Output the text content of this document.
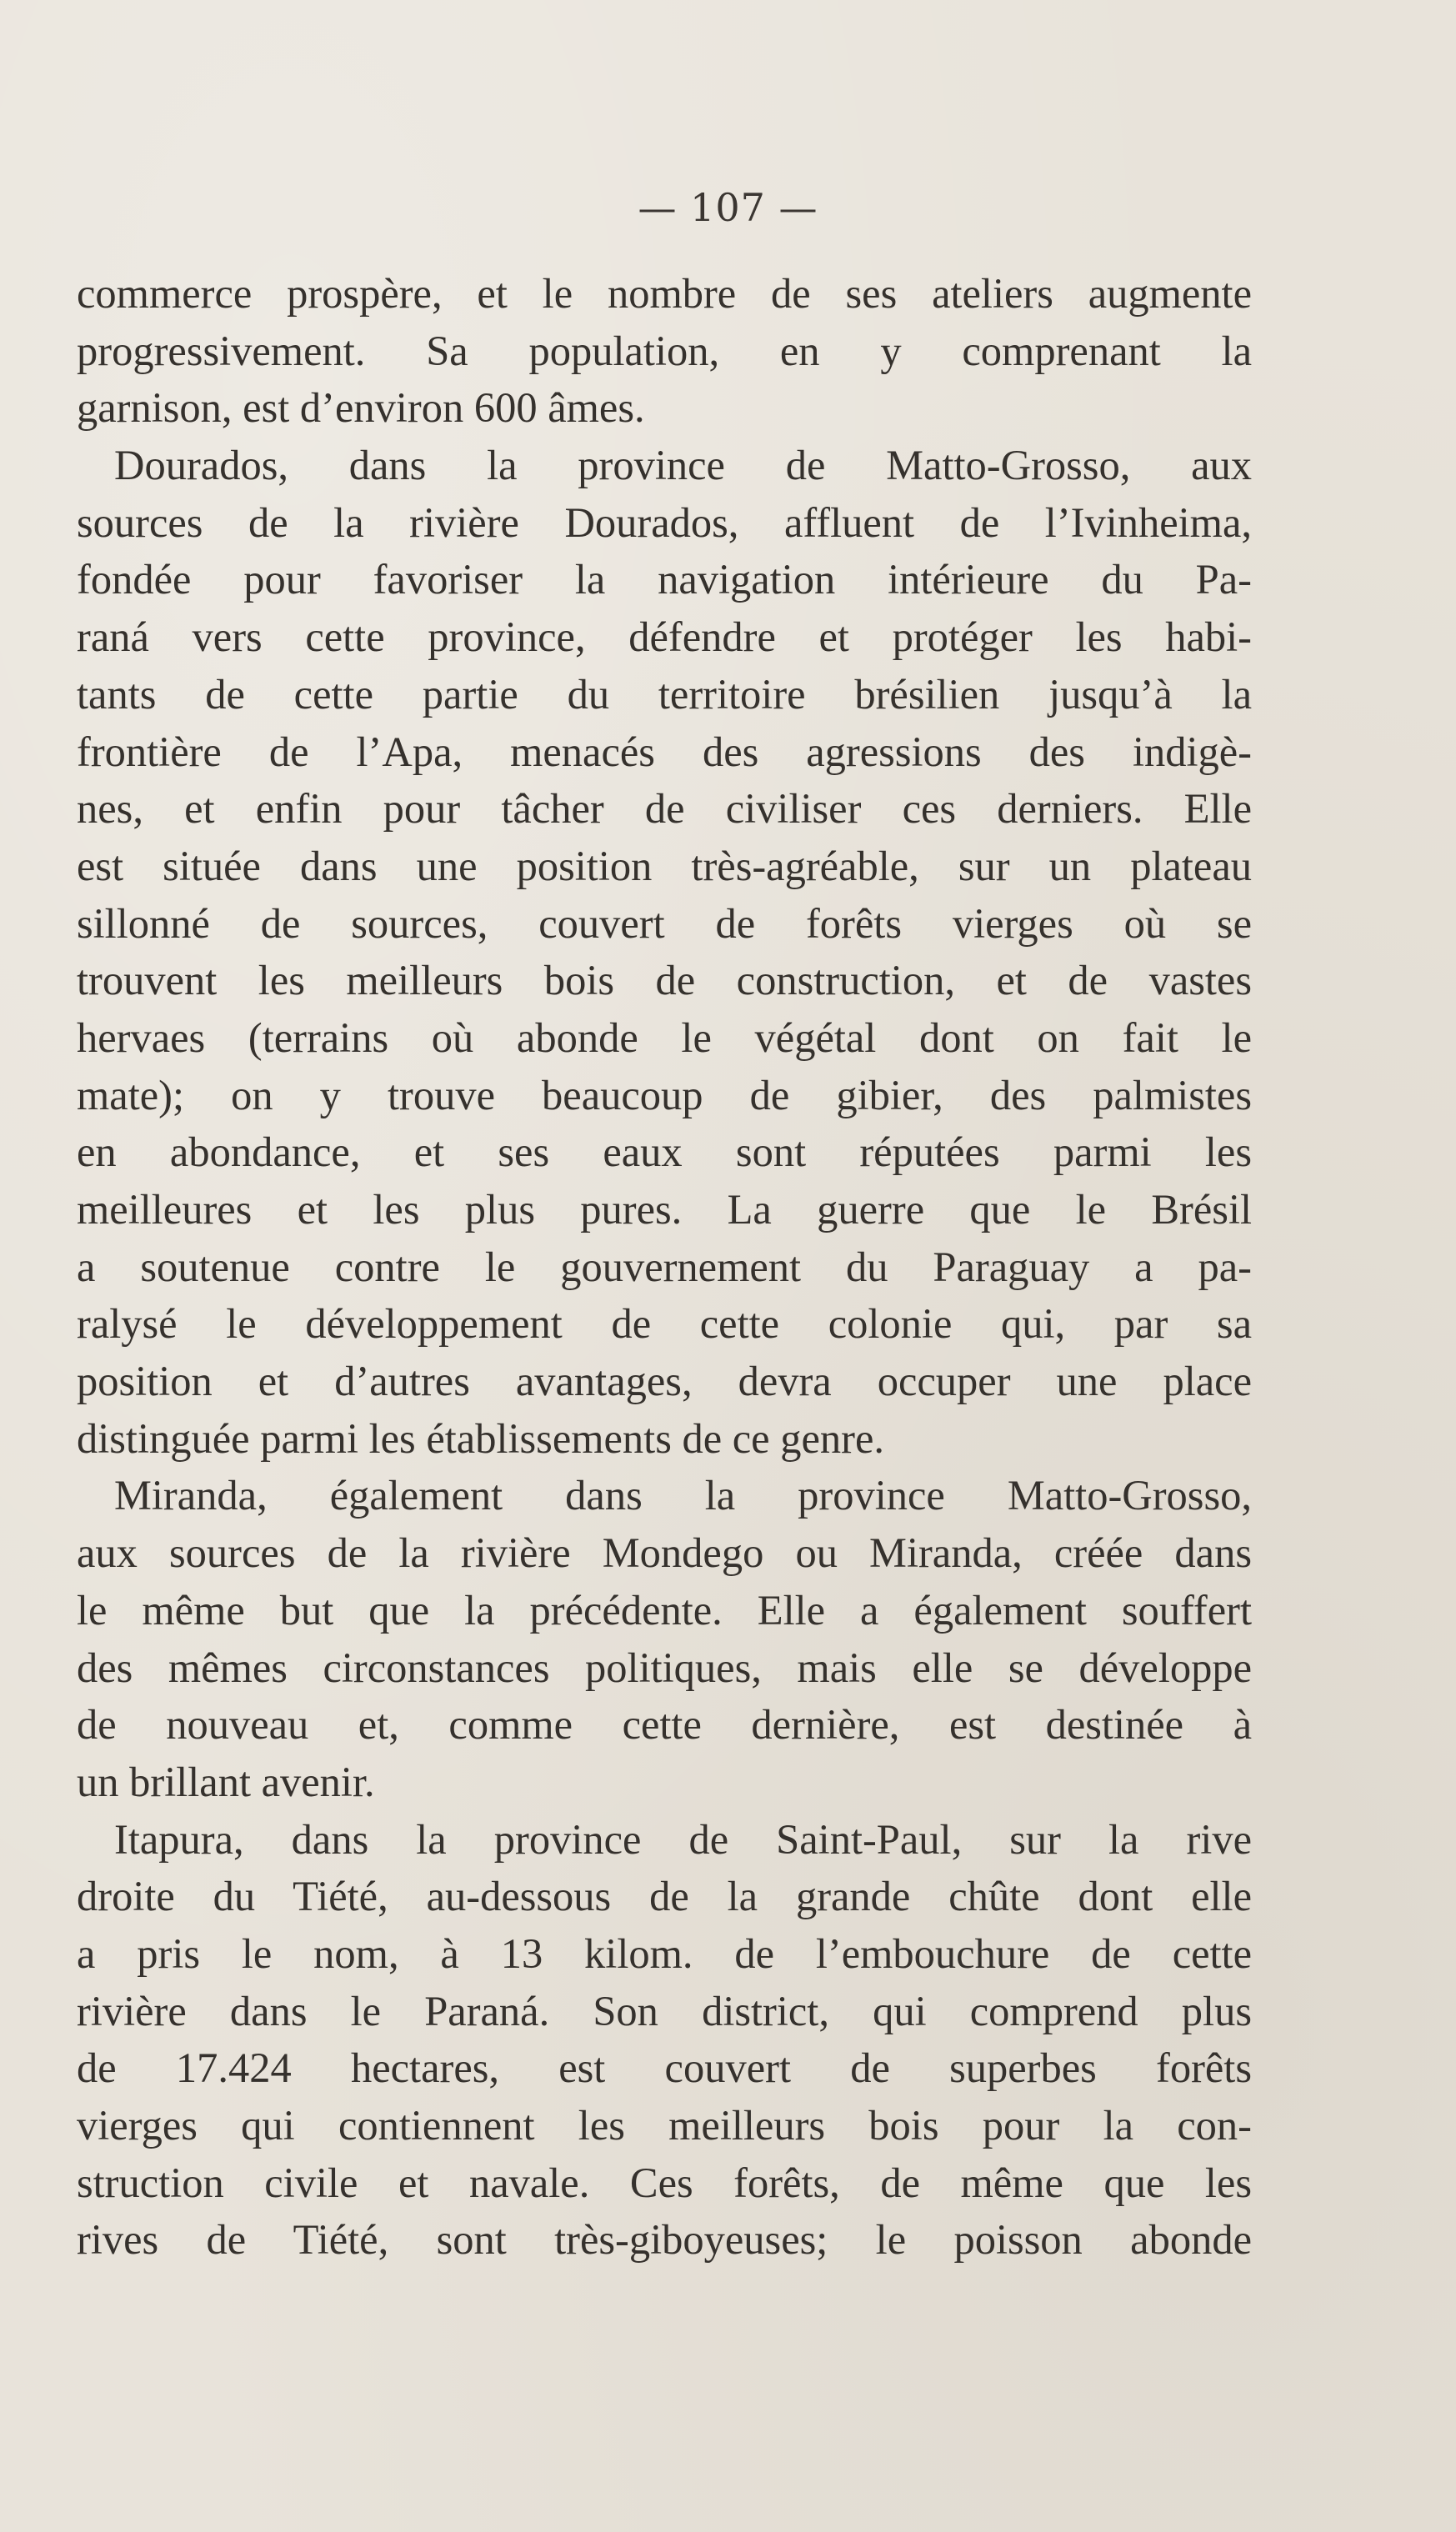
— 107 —
commerce prospère, et le nombre de ses ateliers augmente
progressivement. Sa population, en y comprenant la
garnison, est d’environ 600 âmes.
Dourados, dans la province de Matto-Grosso, aux
sources de la rivière Dourados, affluent de l’Ivinheima,
fondée pour favoriser la navigation intérieure du Pa-
raná vers cette province, défendre et protéger les habi-
tants de cette partie du territoire brésilien jusqu’à la
frontière de l’Apa, menacés des agressions des indigè-
nes, et enfin pour tâcher de civiliser ces derniers. Elle
est située dans une position très-agréable, sur un plateau
sillonné de sources, couvert de forêts vierges où se
trouvent les meilleurs bois de construction, et de vastes
hervaes (terrains où abonde le végétal dont on fait le
mate); on y trouve beaucoup de gibier, des palmistes
en abondance, et ses eaux sont réputées parmi les
meilleures et les plus pures. La guerre que le Brésil
a soutenue contre le gouvernement du Paraguay a pa-
ralysé le développement de cette colonie qui, par sa
position et d’autres avantages, devra occuper une place
distinguée parmi les établissements de ce genre.
Miranda, également dans la province Matto-Grosso,
aux sources de la rivière Mondego ou Miranda, créée dans
le même but que la précédente. Elle a également souffert
des mêmes circonstances politiques, mais elle se développe
de nouveau et, comme cette dernière, est destinée à
un brillant avenir.
Itapura, dans la province de Saint-Paul, sur la rive
droite du Tiété, au-dessous de la grande chûte dont elle
a pris le nom, à 13 kilom. de l’embouchure de cette
rivière dans le Paraná. Son district, qui comprend plus
de 17.424 hectares, est couvert de superbes forêts
vierges qui contiennent les meilleurs bois pour la con-
struction civile et navale. Ces forêts, de même que les
rives de Tiété, sont très-giboyeuses; le poisson abonde
